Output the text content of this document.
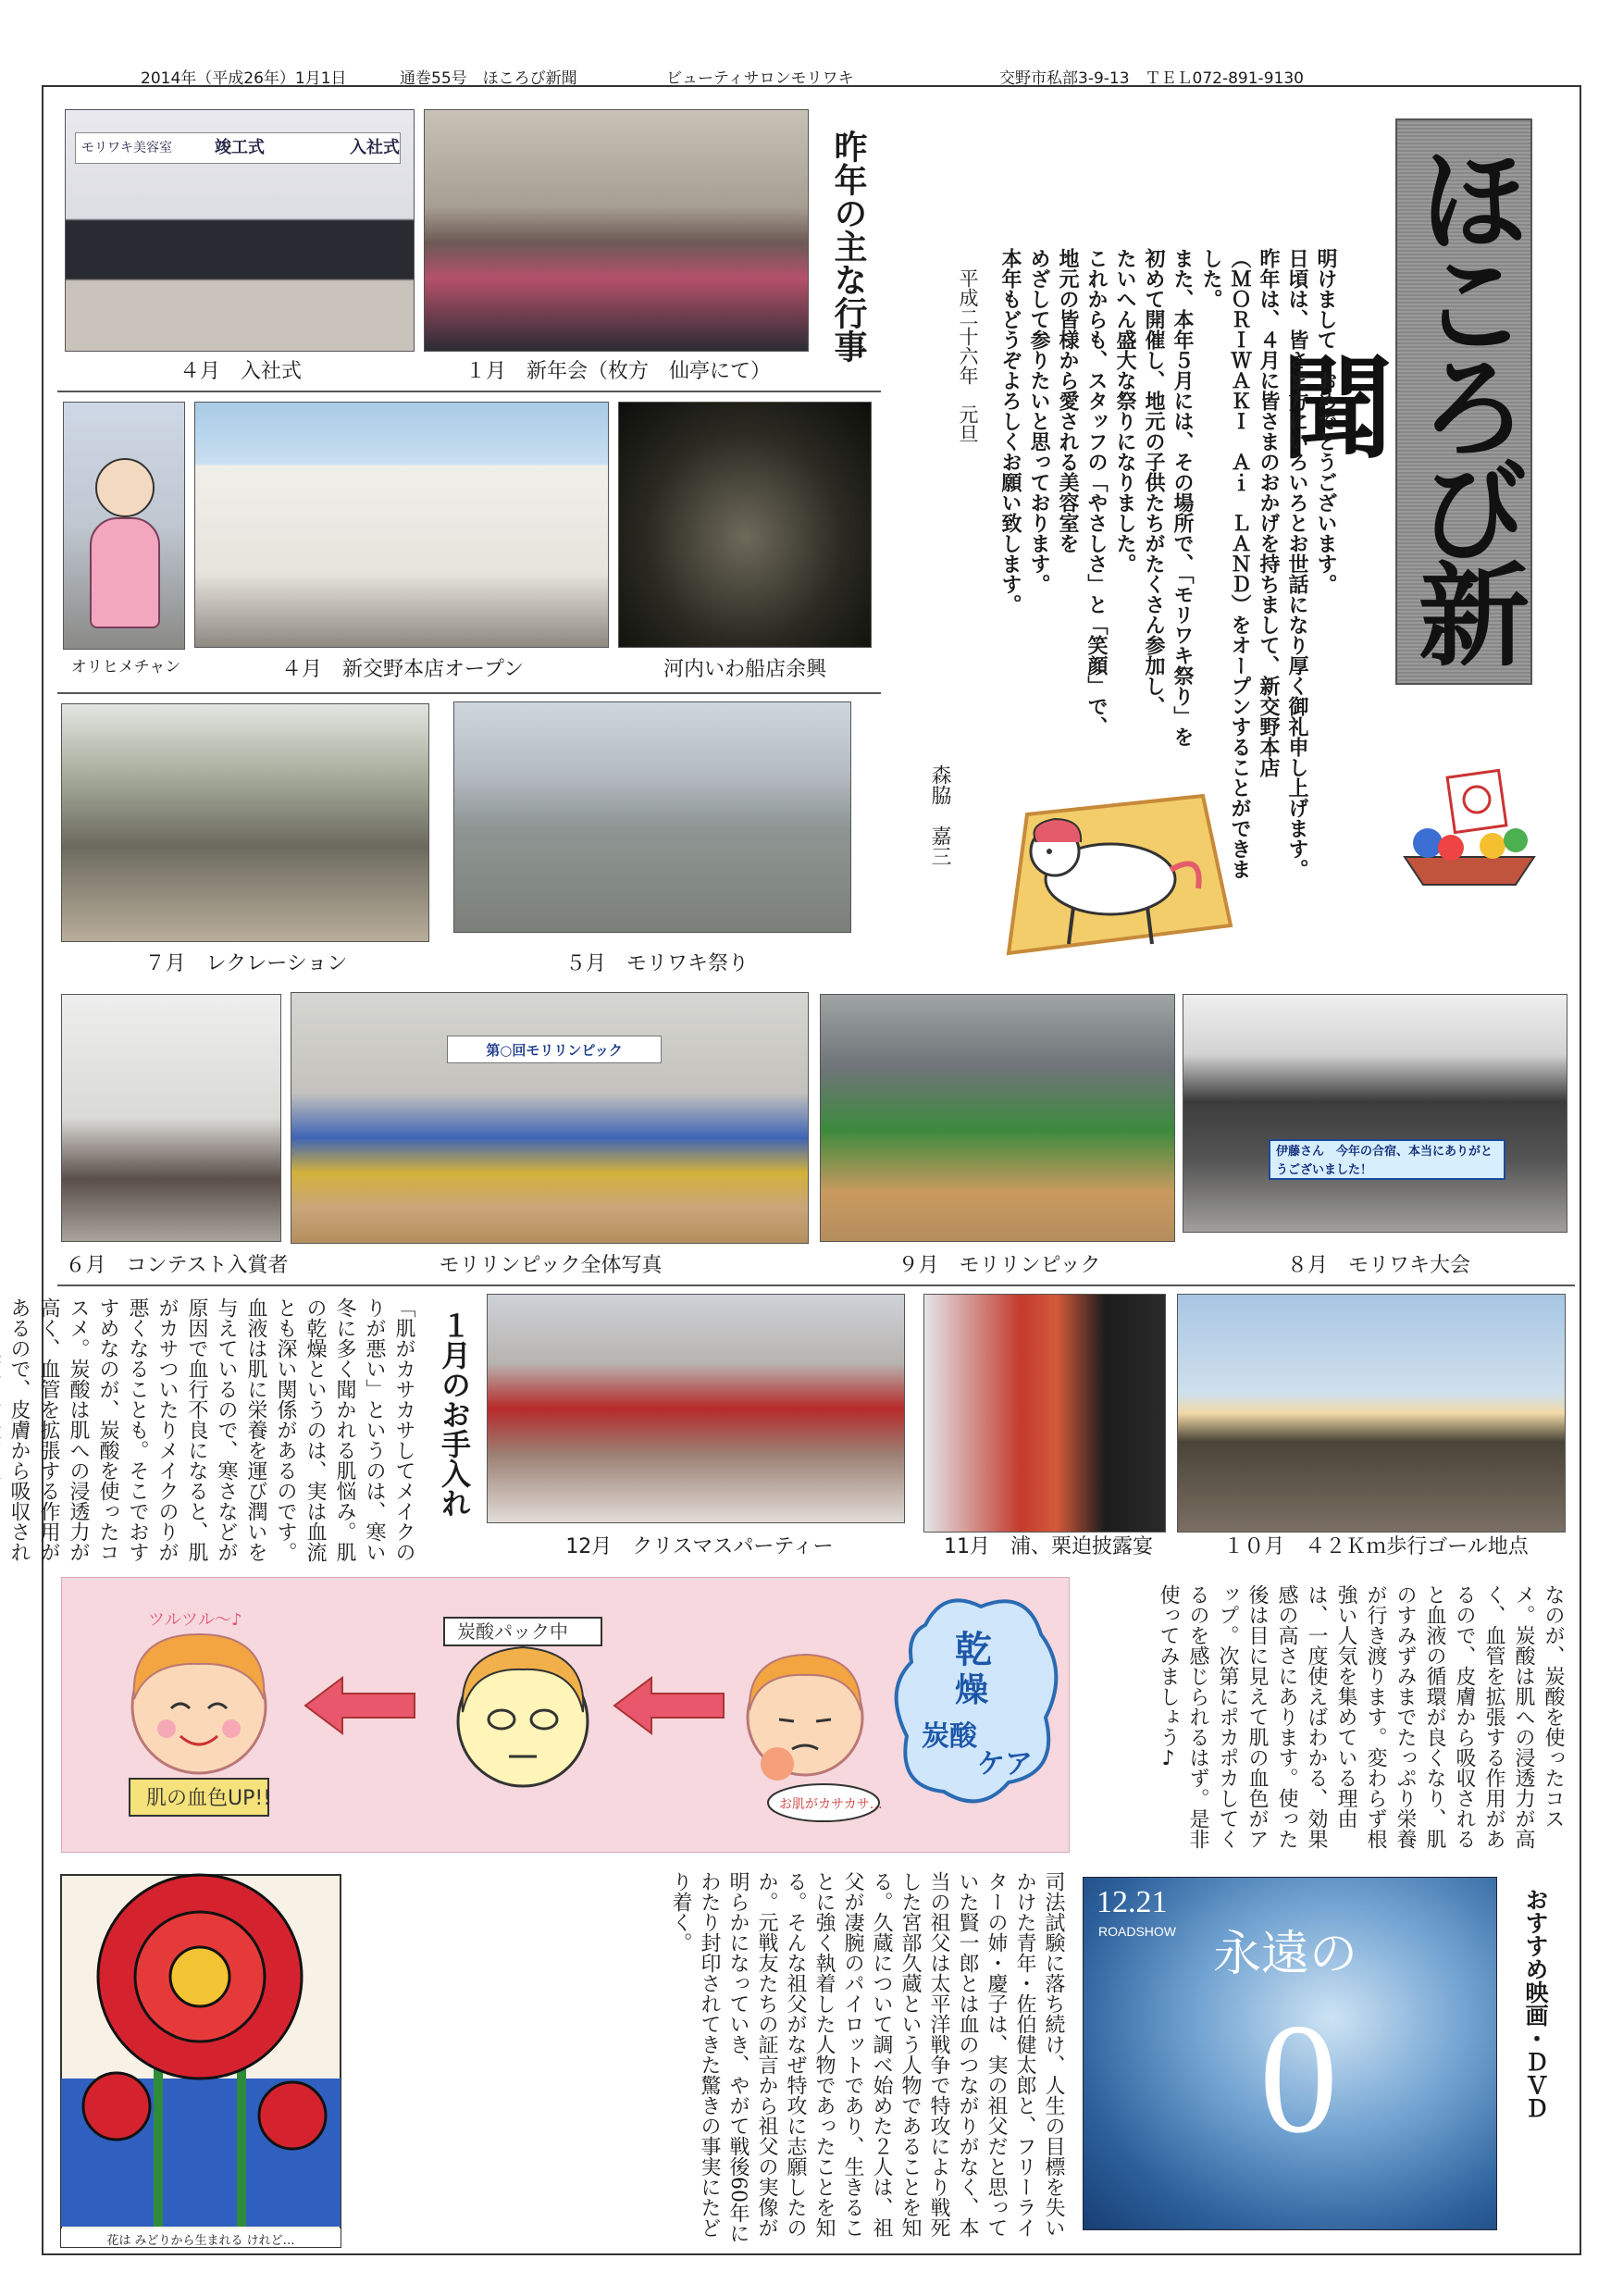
2014年（平成26年）1月1日	通巻55号　ほころび新聞	ビューティサロンモリワキ	交野市私部3-9-13　ＴＥＬ072-891-9130
ほころび新聞
明けまして　おめでとうございます。
日頃は、皆さま方にいろいろとお世話になり厚く御礼申し上げます。
昨年は、４月に皆さまのおかげを持ちまして、新交野本店
（ＭＯＲＩＷＡＫＩ　Ａｉ　ＬＡＮＤ）をオープンすることができました。
また、本年５月には、その場所で、「モリワキ祭り」を
初めて開催し、地元の子供たちがたくさん参加し、
たいへん盛大な祭りになりました。
これからも、スタッフの「やさしさ」と「笑顔」で、
地元の皆様から愛される美容室を
めざして参りたいと思っております。
本年もどうぞよろしくお願い致します。
平成二十六年　元旦
森脇　嘉三
昨年の主な行事
モリワキ美容室	竣工式	入社式
４月　入社式	１月　新年会（枚方　仙亭にて）
オリヒメチャン	４月　新交野本店オープン	河内いわ船店余興
７月　レクレーション	５月　モリワキ祭り
６月　コンテスト入賞者
第○回モリリンピック
モリリンピック全体写真	９月　モリリンピック
伊藤さん　今年の合宿、本当にありがとうございました！
８月　モリワキ大会
１月のお手入れ
「肌がカサカサしてメイクのりが悪い」というのは、寒い冬に多く聞かれる肌悩み。肌の乾燥というのは、実は血流とも深い関係があるのです。血液は肌に栄養を運び潤いを与えているので、寒さなどが原因で血行不良になると、肌がカサついたりメイクのりが悪くなることも。そこでおすすめなのが、炭酸を使ったコスメ。炭酸は肌への浸透力が高く、血管を拡張する作用があるので、皮膚から吸収され	12月　クリスマスパーティー	11月　浦、栗迫披露宴	１０月　４２Ｋｍ歩行ゴール地点
なのが、炭酸を使ったコスメ。炭酸は肌への浸透力が高く、血管を拡張する作用があるので、皮膚から吸収されると血液の循環が良くなり、肌のすみずみまでたっぷり栄養が行き渡ります。変わらず根強い人気を集めている理由は、一度使えばわかる、効果感の高さにあります。使った後は目に見えて肌の血色がアップ。次第にポカポカしてくるのを感じられるはず。是非使ってみましょう♪
ツルツル～♪
肌の血色UP!!
炭酸パック中
お肌がカサカサ…
乾
燥
炭酸
ケア
花は みどりから生まれる けれど…
司法試験に落ち続け、人生の目標を失いかけた青年・佐伯健太郎と、フリーライターの姉・慶子は、実の祖父だと思っていた賢一郎とは血のつながりがなく、本当の祖父は太平洋戦争で特攻により戦死した宮部久蔵という人物であることを知る。久蔵について調べ始めた２人は、祖父が凄腕のパイロットであり、生きることに強く執着した人物であったことを知る。そんな祖父がなぜ特攻に志願したのか。元戦友たちの証言から祖父の実像が明らかになっていき、やがて戦後60年にわたり封印されてきた驚きの事実にたどり着く。	12.21
ROADSHOW 永遠の
0	おすすめ映画・ＤＶＤ
